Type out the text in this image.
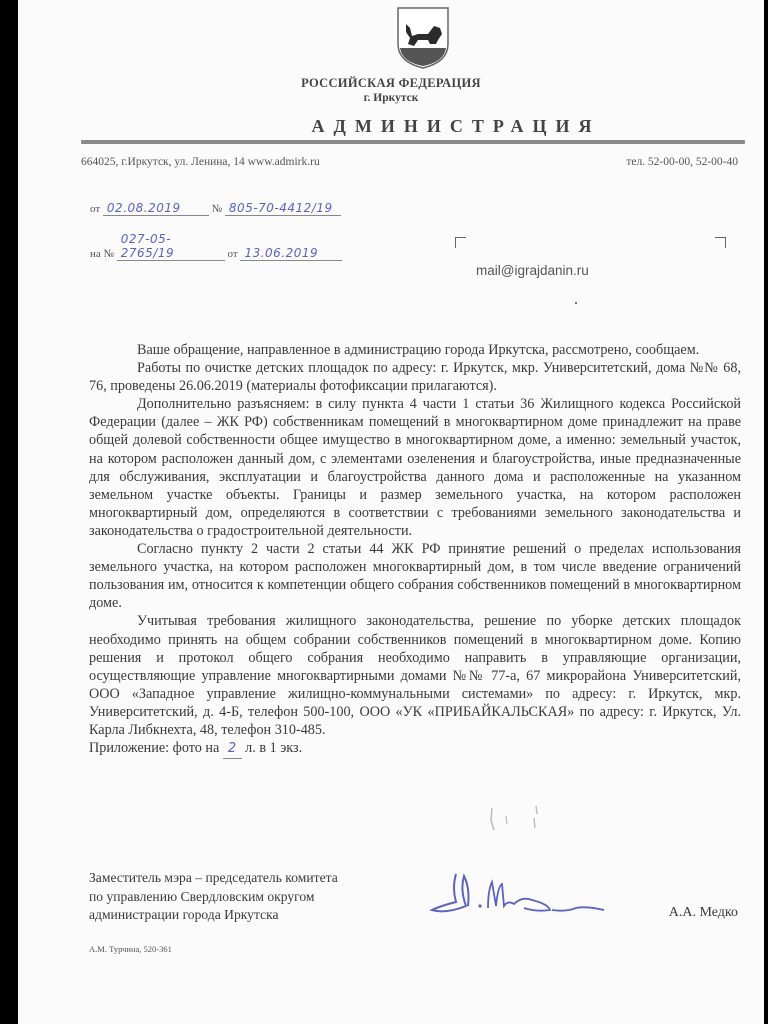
РОССИЙСКАЯ ФЕДЕРАЦИЯ
г. Иркутск
АДМИНИСТРАЦИЯ
664025, г.Иркутск, ул. Ленина, 14 www.admirk.ru	тел. 52-00-00, 52-00-40
от 02.08.2019	№ 805-70-4412/19
на № 027-05-2765/19	от 13.06.2019
mail@igrajdanin.ru

Ваше обращение, направленное в администрацию города Иркутска, рассмотрено, сообщаем.

Работы по очистке детских площадок по адресу: г. Иркутск, мкр. Университетский, дома №№ 68, 76, проведены 26.06.2019 (материалы фотофиксации прилагаются).

Дополнительно разъясняем: в силу пункта 4 части 1 статьи 36 Жилищного кодекса Российской Федерации (далее – ЖК РФ) собственникам помещений в многоквартирном доме принадлежит на праве общей долевой собственности общее имущество в многоквартирном доме, а именно: земельный участок, на котором расположен данный дом, с элементами озеленения и благоустройства, иные предназначенные для обслуживания, эксплуатации и благоустройства данного дома и расположенные на указанном земельном участке объекты. Границы и размер земельного участка, на котором расположен многоквартирный дом, определяются в соответствии с требованиями земельного законодательства и законодательства о градостроительной деятельности.

Согласно пункту 2 части 2 статьи 44 ЖК РФ принятие решений о пределах использования земельного участка, на котором расположен многоквартирный дом, в том числе введение ограничений пользования им, относится к компетенции общего собрания собственников помещений в многоквартирном доме.

Учитывая требования жилищного законодательства, решение по уборке детских площадок необходимо принять на общем собрании собственников помещений в многоквартирном доме. Копию решения и протокол общего собрания необходимо направить в управляющие организации, осуществляющие управление многоквартирными домами №№ 77-а, 67 микрорайона Университетский, ООО «Западное управление жилищно-коммунальными системами» по адресу: г. Иркутск, мкр. Университетский, д. 4-Б, телефон 500-100, ООО «УК «ПРИБАЙКАЛЬСКАЯ» по адресу: г. Иркутск, Ул. Карла Либкнехта, 48, телефон 310-485.

Приложение: фото на 2 л. в 1 экз.

Заместитель мэра – председатель комитета
по управлению Свердловским округом
администрации города Иркутска	А.А. Медко
А.М. Турчина, 520-361
